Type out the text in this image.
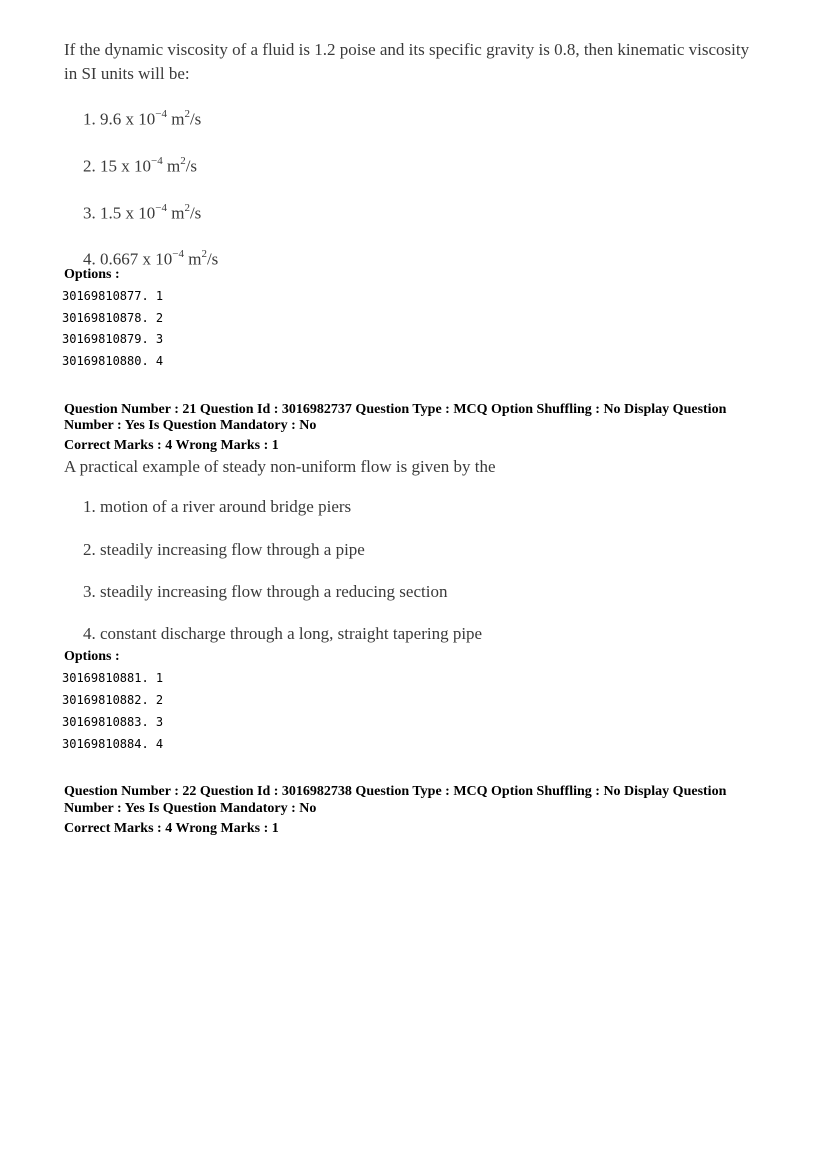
If the dynamic viscosity of a fluid is 1.2 poise and its specific gravity is 0.8, then kinematic viscosity in SI units will be:
1. 9.6 x $10^{-4}$ $m^2/s$
2. 15 x $10^{-4}$ $m^2/s$
3. 1.5 x $10^{-4}$ $m^2/s$
4. 0.667 x $10^{-4}$ $m^2/s$
Options :
30169810877. 1
30169810878. 2
30169810879. 3
30169810880. 4
Question Number : 21 Question Id : 3016982737 Question Type : MCQ Option Shuffling : No Display Question
Number : Yes Is Question Mandatory : No
Correct Marks : 4 Wrong Marks : 1
A practical example of steady non-uniform flow is given by the
1. motion of a river around bridge piers
2. steadily increasing flow through a pipe
3. steadily increasing flow through a reducing section
4. constant discharge through a long, straight tapering pipe
Options :
30169810881. 1
30169810882. 2
30169810883. 3
30169810884. 4
Question Number : 22 Question Id : 3016982738 Question Type : MCQ Option Shuffling : No Display Question
Number : Yes Is Question Mandatory : No
Correct Marks : 4 Wrong Marks : 1
